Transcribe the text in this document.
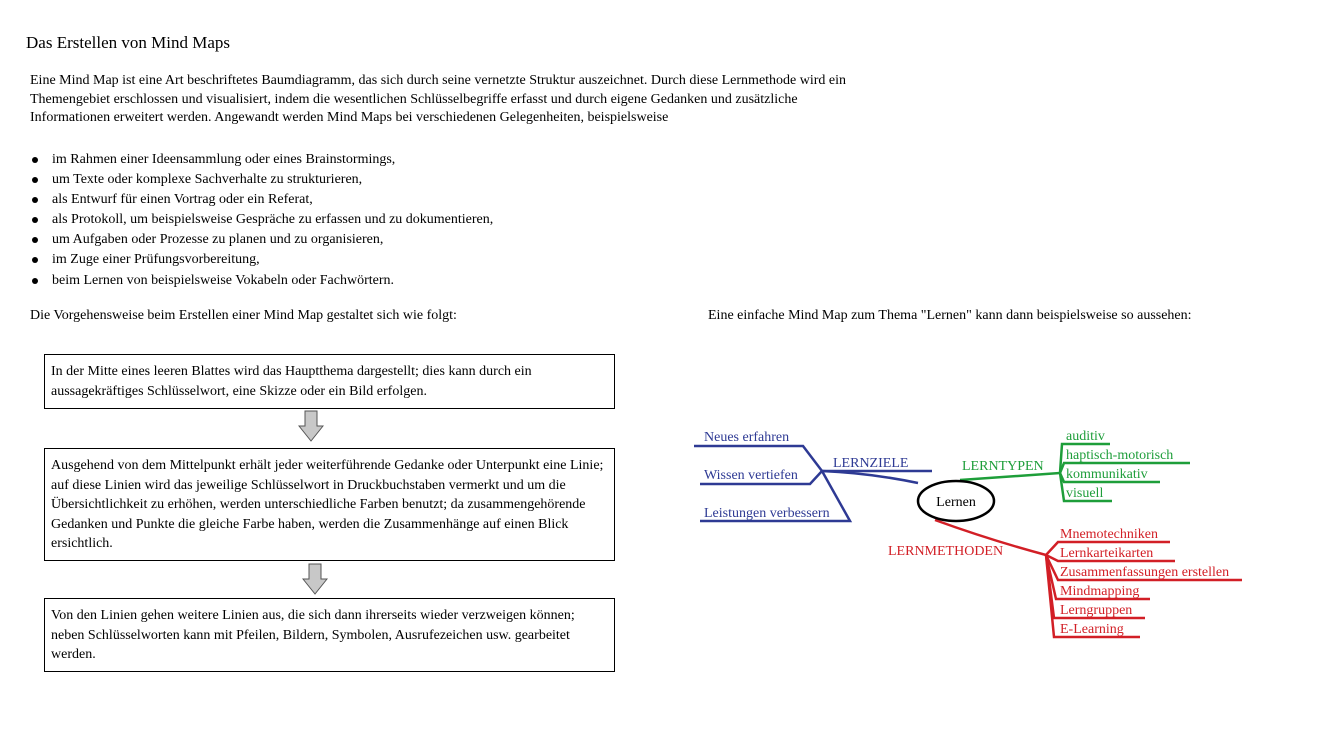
Das Erstellen von Mind Maps
Eine Mind Map ist eine Art beschriftetes Baumdiagramm, das sich durch seine vernetzte Struktur auszeichnet. Durch diese Lernmethode wird ein Themengebiet erschlossen und visualisiert, indem die wesentlichen Schlüsselbegriffe erfasst und durch eigene Gedanken und zusätzliche Informationen erweitert werden. Angewandt werden Mind Maps bei verschiedenen Gelegenheiten, beispielsweise
im Rahmen einer Ideensammlung oder eines Brainstormings,
um Texte oder komplexe Sachverhalte zu strukturieren,
als Entwurf für einen Vortrag oder ein Referat,
als Protokoll, um beispielsweise Gespräche zu erfassen und zu dokumentieren,
um Aufgaben oder Prozesse zu planen und zu organisieren,
im Zuge einer Prüfungsvorbereitung,
beim Lernen von beispielsweise Vokabeln oder Fachwörtern.
Die Vorgehensweise beim Erstellen einer Mind Map gestaltet sich wie folgt:	Eine einfache Mind Map zum Thema "Lernen" kann dann beispielsweise so aussehen:
In der Mitte eines leeren Blattes wird das Hauptthema dargestellt; dies kann durch ein aussagekräftiges Schlüsselwort, eine Skizze oder ein Bild erfolgen.
Ausgehend von dem Mittelpunkt erhält jeder weiterführende Gedanke oder Unterpunkt eine Linie; auf diese Linien wird das jeweilige Schlüsselwort in Druckbuchstaben vermerkt und um die Übersichtlichkeit zu erhöhen, werden unterschiedliche Farben benutzt; da zusammengehörende Gedanken und Punkte die gleiche Farbe haben, werden die Zusammenhänge auf einen Blick ersichtlich.
Von den Linien gehen weitere Linien aus, die sich dann ihrerseits wieder verzweigen können; neben Schlüsselworten kann mit Pfeilen, Bildern, Symbolen, Ausrufezeichen usw. gearbeitet werden.
LERNZIELE
Neues erfahren
Wissen vertiefen
Leistungen verbessern
LERNTYPEN
auditiv
haptisch-motorisch
kommunikativ
visuell
LERNMETHODEN
Mnemotechniken
Lernkarteikarten
Zusammenfassungen erstellen
Mindmapping
Lerngruppen
E-Learning
Lernen
